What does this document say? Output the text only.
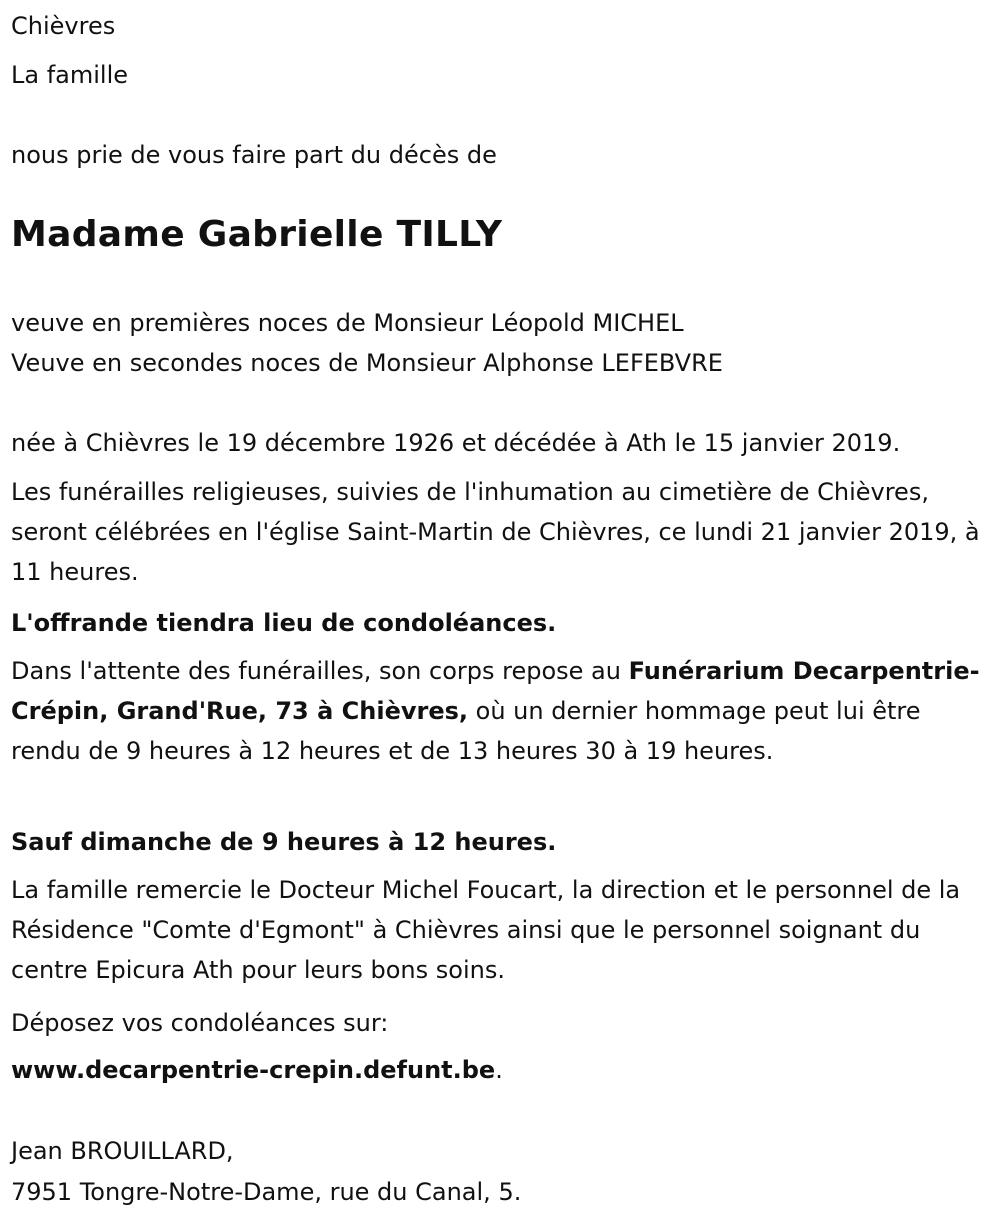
Chièvres
La famille
nous prie de vous faire part du décès de
Madame Gabrielle TILLY
veuve en premières noces de Monsieur Léopold MICHEL
Veuve en secondes noces de Monsieur Alphonse LEFEBVRE
née à Chièvres le 19 décembre 1926 et décédée à Ath le 15 janvier 2019.
Les funérailles religieuses, suivies de l'inhumation au cimetière de Chièvres, seront célébrées en l'église Saint-Martin de Chièvres, ce lundi 21 janvier 2019, à 11 heures.
L'offrande tiendra lieu de condoléances.
Dans l'attente des funérailles, son corps repose au Funérarium Decarpentrie-Crépin, Grand'Rue, 73 à Chièvres, où un dernier hommage peut lui être rendu de 9 heures à 12 heures et de 13 heures 30 à 19 heures.
Sauf dimanche de 9 heures à 12 heures.
La famille remercie le Docteur Michel Foucart, la direction et le personnel de la Résidence "Comte d'Egmont" à Chièvres ainsi que le personnel soignant du centre Epicura Ath pour leurs bons soins.
Déposez vos condoléances sur:
www.decarpentrie-crepin.defunt.be.
Jean BROUILLARD,
7951 Tongre-Notre-Dame, rue du Canal, 5.
